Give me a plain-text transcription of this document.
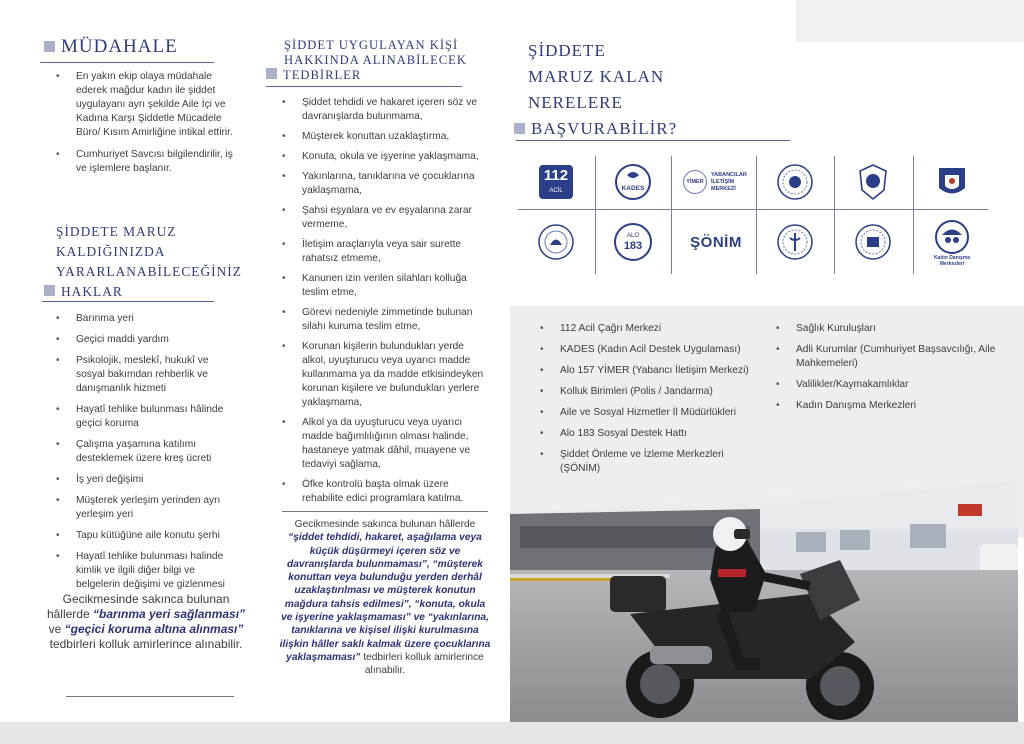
MÜDAHALE
• En yakın ekip olaya müdahale ederek mağdur kadın ile şiddet uygulayanı ayrı şekilde Aile İçi ve Kadına Karşı Şiddetle Mücadele Büro/ Kısım Amirliğine intikal ettirir.
• Cumhuriyet Savcısı bilgilendirilir, iş ve işlemlere başlanır.
ŞİDDETE MARUZ
KALDIĞINIZDA
YARARLANABİLECEĞİNİZ
HAKLAR
• Barınma yeri
• Geçici maddi yardım
• Psikolojik, meslekî, hukukî ve sosyal bakımdan rehberlik ve danışmanlık hizmeti
• Hayatî tehlike bulunması hâlinde geçici koruma
• Çalışma yaşamına katılımı desteklemek üzere kreş ücreti
• İş yeri değişimi
• Müşterek yerleşim yerinden ayrı yerleşim yeri
• Tapu kütüğüne aile konutu şerhi
• Hayatî tehlike bulunması halinde kimlik ve ilgili diğer bilgi ve belgelerin değişimi ve gizlenmesi
Gecikmesinde sakınca bulunan hâllerde “barınma yeri sağlanması” ve “geçici koruma altına alınması” tedbirleri kolluk amirlerince alınabilir.
ŞİDDET UYGULAYAN KİŞİ
HAKKINDA ALINABİLECEK
TEDBİRLER
• Şiddet tehdidi ve hakaret içeren söz ve davranışlarda bulunmama,
• Müşterek konuttan uzaklaştırma,
• Konuta, okula ve işyerine yaklaşmama,
• Yakınlarına, tanıklarına ve çocuklarına yaklaşmama,
• Şahsi eşyalara ve ev eşyalarına zarar vermeme,
• İletişim araçlarıyla veya sair surette rahatsız etmeme,
• Kanunen izin verilen silahları kolluğa teslim etme,
• Görevi nedeniyle zimmetinde bulunan silahı kuruma teslim etme,
• Korunan kişilerin bulundukları yerde alkol, uyuşturucu veya uyarıcı madde kullanmama ya da madde etkisindeyken korunan kişilere ve bulundukları yerlere yaklaşmama,
• Alkol ya da uyuşturucu veya uyarıcı madde bağımlılığının olması halinde, hastaneye yatmak dâhil, muayene ve tedaviyi sağlama,
• Öfke kontrolü başta olmak üzere rehabilite edici programlara katılma.
Gecikmesinde sakınca bulunan hâllerde “şiddet tehdidi, hakaret, aşağılama veya küçük düşürmeyi içeren söz ve davranışlarda bulunmaması”, “müşterek konuttan veya bulunduğu yerden derhâl uzaklaştırılması ve müşterek konutun mağdura tahsis edilmesi”, “konuta, okula ve işyerine yaklaşmaması” ve “yakınlarına, tanıklarına ve kişisel ilişki kurulmasına ilişkin hâller saklı kalmak üzere çocuklarına yaklaşmaması” tedbirleri kolluk amirlerince alınabilir.
ŞİDDETE
MARUZ KALAN
NERELERE
BAŞVURABİLİR?
112
ACİL	KADES
YİMER
YABANCILAR İLETİŞİM MERKEZİ
ALO
183	ŞÖNİM
Kadın Danışma Merkezleri
• 112 Acil Çağrı Merkezi
• KADES (Kadın Acil Destek Uygulaması)
• Alo 157 YİMER (Yabancı İletişim Merkezi)
• Kolluk Birimleri (Polis / Jandarma)
• Aile ve Sosyal Hizmetler İl Müdürlükleri
• Alo 183 Sosyal Destek Hattı
• Şiddet Önleme ve İzleme Merkezleri (ŞÖNİM)
• Sağlık Kuruluşları
• Adli Kurumlar (Cumhuriyet Başsavcılığı, Aile Mahkemeleri)
• Valilikler/Kaymakamlıklar
• Kadın Danışma Merkezleri
